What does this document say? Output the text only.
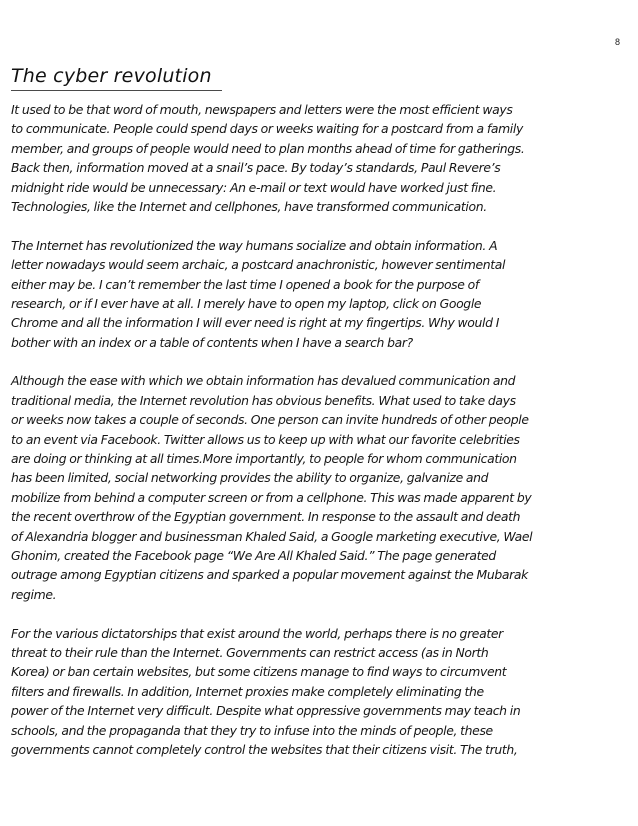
8
The cyber revolution
It used to be that word of mouth, newspapers and letters were the most efficient ways
to communicate. People could spend days or weeks waiting for a postcard from a family
member, and groups of people would need to plan months ahead of time for gatherings.
Back then, information moved at a snail’s pace. By today’s standards, Paul Revere’s
midnight ride would be unnecessary: An e-mail or text would have worked just fine.
Technologies, like the Internet and cellphones, have transformed communication.
The Internet has revolutionized the way humans socialize and obtain information. A
letter nowadays would seem archaic, a postcard anachronistic, however sentimental
either may be. I can’t remember the last time I opened a book for the purpose of
research, or if I ever have at all. I merely have to open my laptop, click on Google
Chrome and all the information I will ever need is right at my fingertips. Why would I
bother with an index or a table of contents when I have a search bar?
Although the ease with which we obtain information has devalued communication and
traditional media, the Internet revolution has obvious benefits. What used to take days
or weeks now takes a couple of seconds. One person can invite hundreds of other people
to an event via Facebook. Twitter allows us to keep up with what our favorite celebrities
are doing or thinking at all times.More importantly, to people for whom communication
has been limited, social networking provides the ability to organize, galvanize and
mobilize from behind a computer screen or from a cellphone. This was made apparent by
the recent overthrow of the Egyptian government. In response to the assault and death
of Alexandria blogger and businessman Khaled Said, a Google marketing executive, Wael
Ghonim, created the Facebook page “We Are All Khaled Said.” The page generated
outrage among Egyptian citizens and sparked a popular movement against the Mubarak
regime.
For the various dictatorships that exist around the world, perhaps there is no greater
threat to their rule than the Internet. Governments can restrict access (as in North
Korea) or ban certain websites, but some citizens manage to find ways to circumvent
filters and firewalls. In addition, Internet proxies make completely eliminating the
power of the Internet very difficult. Despite what oppressive governments may teach in
schools, and the propaganda that they try to infuse into the minds of people, these
governments cannot completely control the websites that their citizens visit. The truth,
